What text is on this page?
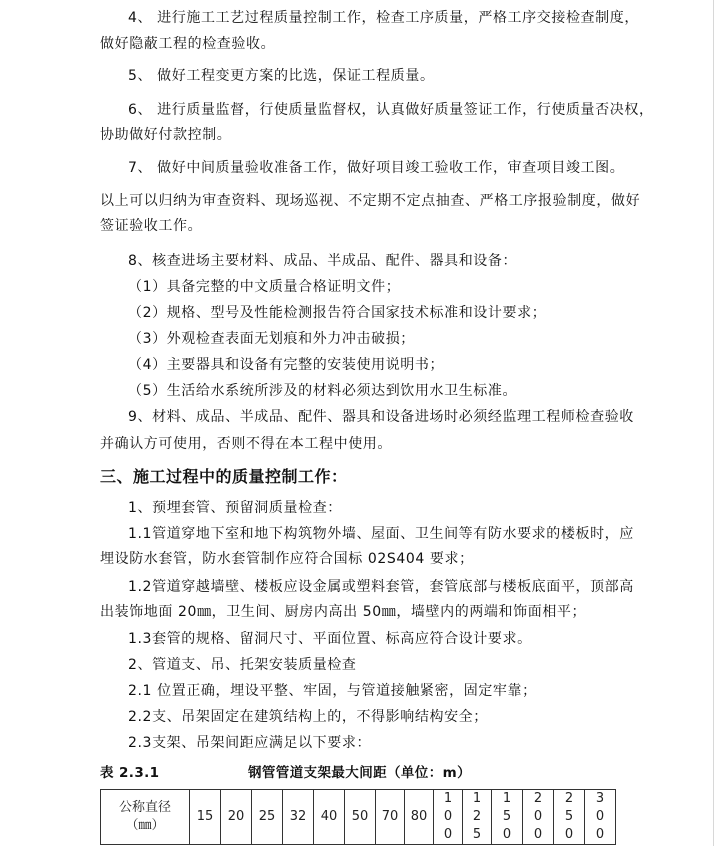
4、 进行施工工艺过程质量控制工作，检查工序质量，严格工序交接检查制度，
做好隐蔽工程的检查验收。
5、 做好工程变更方案的比选，保证工程质量。
6、 进行质量监督，行使质量监督权，认真做好质量签证工作，行使质量否决权，
协助做好付款控制。
7、 做好中间质量验收准备工作，做好项目竣工验收工作，审查项目竣工图。
以上可以归纳为审查资料、现场巡视、不定期不定点抽查、严格工序报验制度，做好
签证验收工作。
8、核查进场主要材料、成品、半成品、配件、器具和设备：
（1）具备完整的中文质量合格证明文件；
（2）规格、型号及性能检测报告符合国家技术标准和设计要求；
（3）外观检查表面无划痕和外力冲击破损；
（4）主要器具和设备有完整的安装使用说明书；
（5）生活给水系统所涉及的材料必须达到饮用水卫生标准。
9、材料、成品、半成品、配件、器具和设备进场时必须经监理工程师检查验收
并确认方可使用，否则不得在本工程中使用。
三、施工过程中的质量控制工作：
1、预埋套管、预留洞质量检查：
1.1管道穿地下室和地下构筑物外墙、屋面、卫生间等有防水要求的楼板时，应
埋设防水套管，防水套管制作应符合国标 02S404 要求；
1.2管道穿越墙壁、楼板应设金属或塑料套管，套管底部与楼板底面平，顶部高
出装饰地面 20㎜，卫生间、厨房内高出 50㎜，墙壁内的两端和饰面相平；
1.3套管的规格、留洞尺寸、平面位置、标高应符合设计要求。
2、管道支、吊、托架安装质量检查
2.1 位置正确，埋设平整、牢固，与管道接触紧密，固定牢靠；
2.2支、吊架固定在建筑结构上的，不得影响结构安全；
2.3支架、吊架间距应满足以下要求：
表 2.3.1	钢管管道支架最大间距（单位：m）
公称直径
（㎜）
	15	20	25	32	40	50	70	80	100	125	150	200	250	300
